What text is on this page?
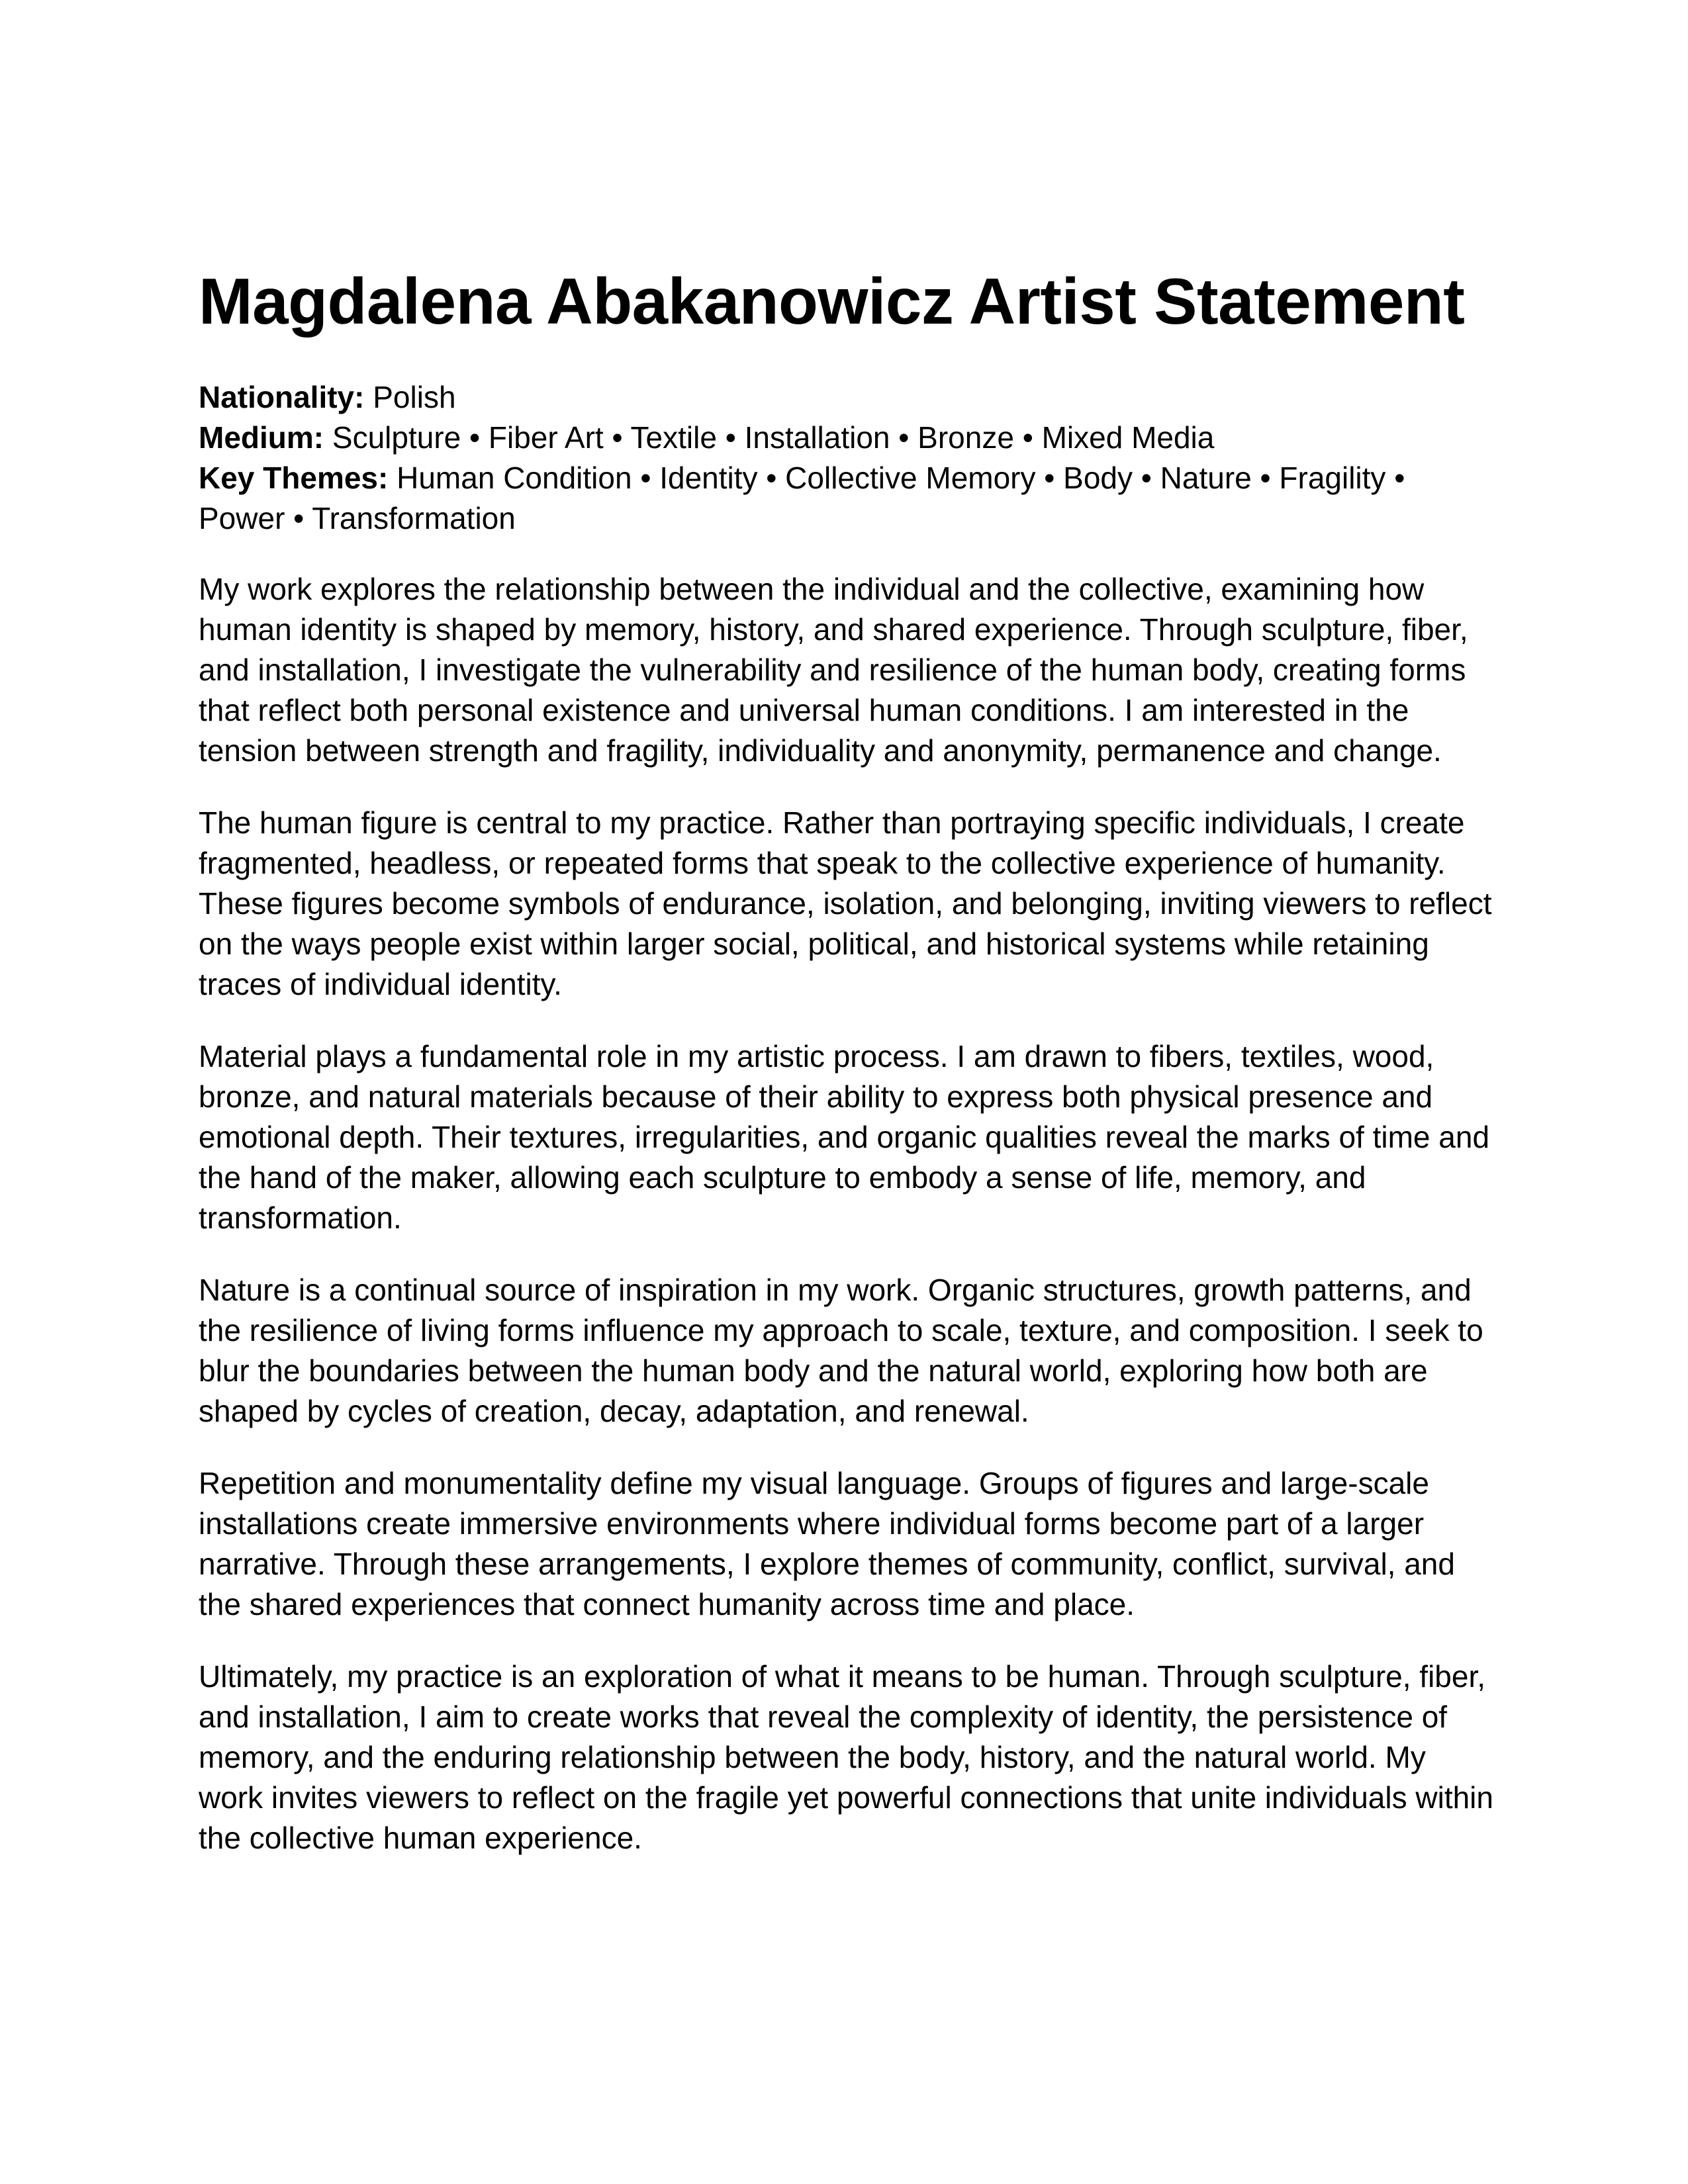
Magdalena Abakanowicz Artist Statement

Nationality: Polish

Medium: Sculpture • Fiber Art • Textile • Installation • Bronze • Mixed Media

Key Themes: Human Condition • Identity • Collective Memory • Body • Nature • Fragility • Power • Transformation

My work explores the relationship between the individual and the collective, examining how human identity is shaped by memory, history, and shared experience. Through sculpture, fiber, and installation, I investigate the vulnerability and resilience of the human body, creating forms that reflect both personal existence and universal human conditions. I am interested in the tension between strength and fragility, individuality and anonymity, permanence and change.

The human figure is central to my practice. Rather than portraying specific individuals, I create fragmented, headless, or repeated forms that speak to the collective experience of humanity. These figures become symbols of endurance, isolation, and belonging, inviting viewers to reflect on the ways people exist within larger social, political, and historical systems while retaining traces of individual identity.

Material plays a fundamental role in my artistic process. I am drawn to fibers, textiles, wood, bronze, and natural materials because of their ability to express both physical presence and emotional depth. Their textures, irregularities, and organic qualities reveal the marks of time and the hand of the maker, allowing each sculpture to embody a sense of life, memory, and transformation.

Nature is a continual source of inspiration in my work. Organic structures, growth patterns, and the resilience of living forms influence my approach to scale, texture, and composition. I seek to blur the boundaries between the human body and the natural world, exploring how both are shaped by cycles of creation, decay, adaptation, and renewal.

Repetition and monumentality define my visual language. Groups of figures and large-scale installations create immersive environments where individual forms become part of a larger narrative. Through these arrangements, I explore themes of community, conflict, survival, and the shared experiences that connect humanity across time and place.

Ultimately, my practice is an exploration of what it means to be human. Through sculpture, fiber, and installation, I aim to create works that reveal the complexity of identity, the persistence of memory, and the enduring relationship between the body, history, and the natural world. My work invites viewers to reflect on the fragile yet powerful connections that unite individuals within the collective human experience.
